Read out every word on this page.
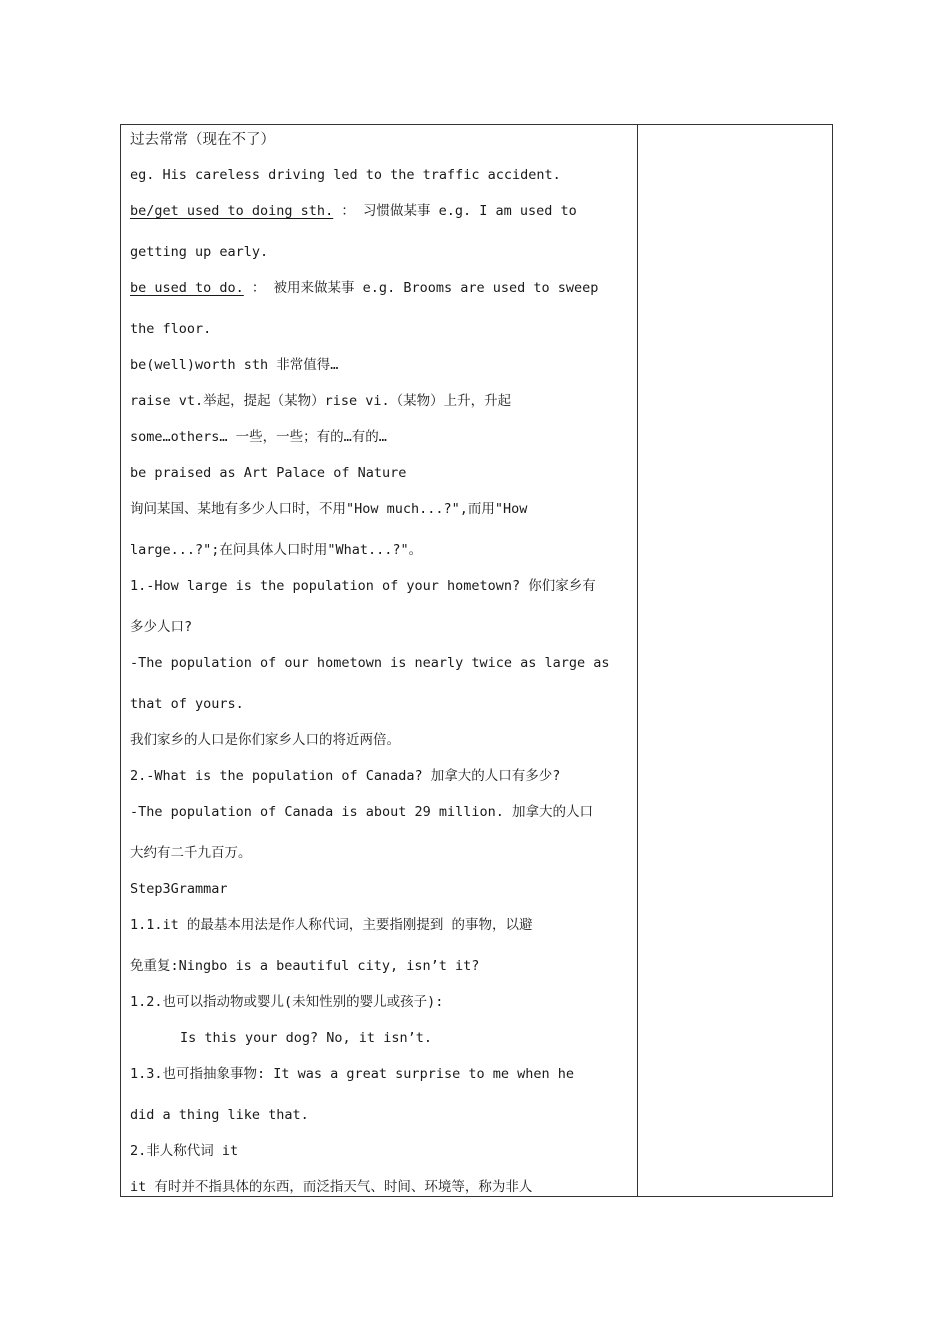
过去常常（现在不了）
eg. His careless driving led to the traffic accident.
be/get used to doing sth. ： 习惯做某事 e.g. I am used to
getting up early.
be used to do. ： 被用来做某事 e.g. Brooms are used to sweep
the floor.
be(well)worth sth 非常值得…
raise vt.举起，提起（某物）rise vi.（某物）上升，升起
some…others… 一些，一些；有的…有的…
be praised as Art Palace of Nature
询问某国、某地有多少人口时，不用"How much...?",而用"How
large...?";在问具体人口时用"What...?"。
1.-How large is the population of your hometown? 你们家乡有
多少人口?
-The population of our hometown is nearly twice as large as
that of yours.
我们家乡的人口是你们家乡人口的将近两倍。
2.-What is the population of Canada? 加拿大的人口有多少?
-The population of Canada is about 29 million. 加拿大的人口
大约有二千九百万。
Step3Grammar
1.1.it 的最基本用法是作人称代词，主要指刚提到 的事物，以避
免重复:Ningbo is a beautiful city, isn’t it?
1.2.也可以指动物或婴儿(未知性别的婴儿或孩子):
Is this your dog? No, it isn’t.
1.3.也可指抽象事物: It was a great surprise to me when he
did a thing like that.
2.非人称代词 it
it 有时并不指具体的东西，而泛指天气、时间、环境等，称为非人
